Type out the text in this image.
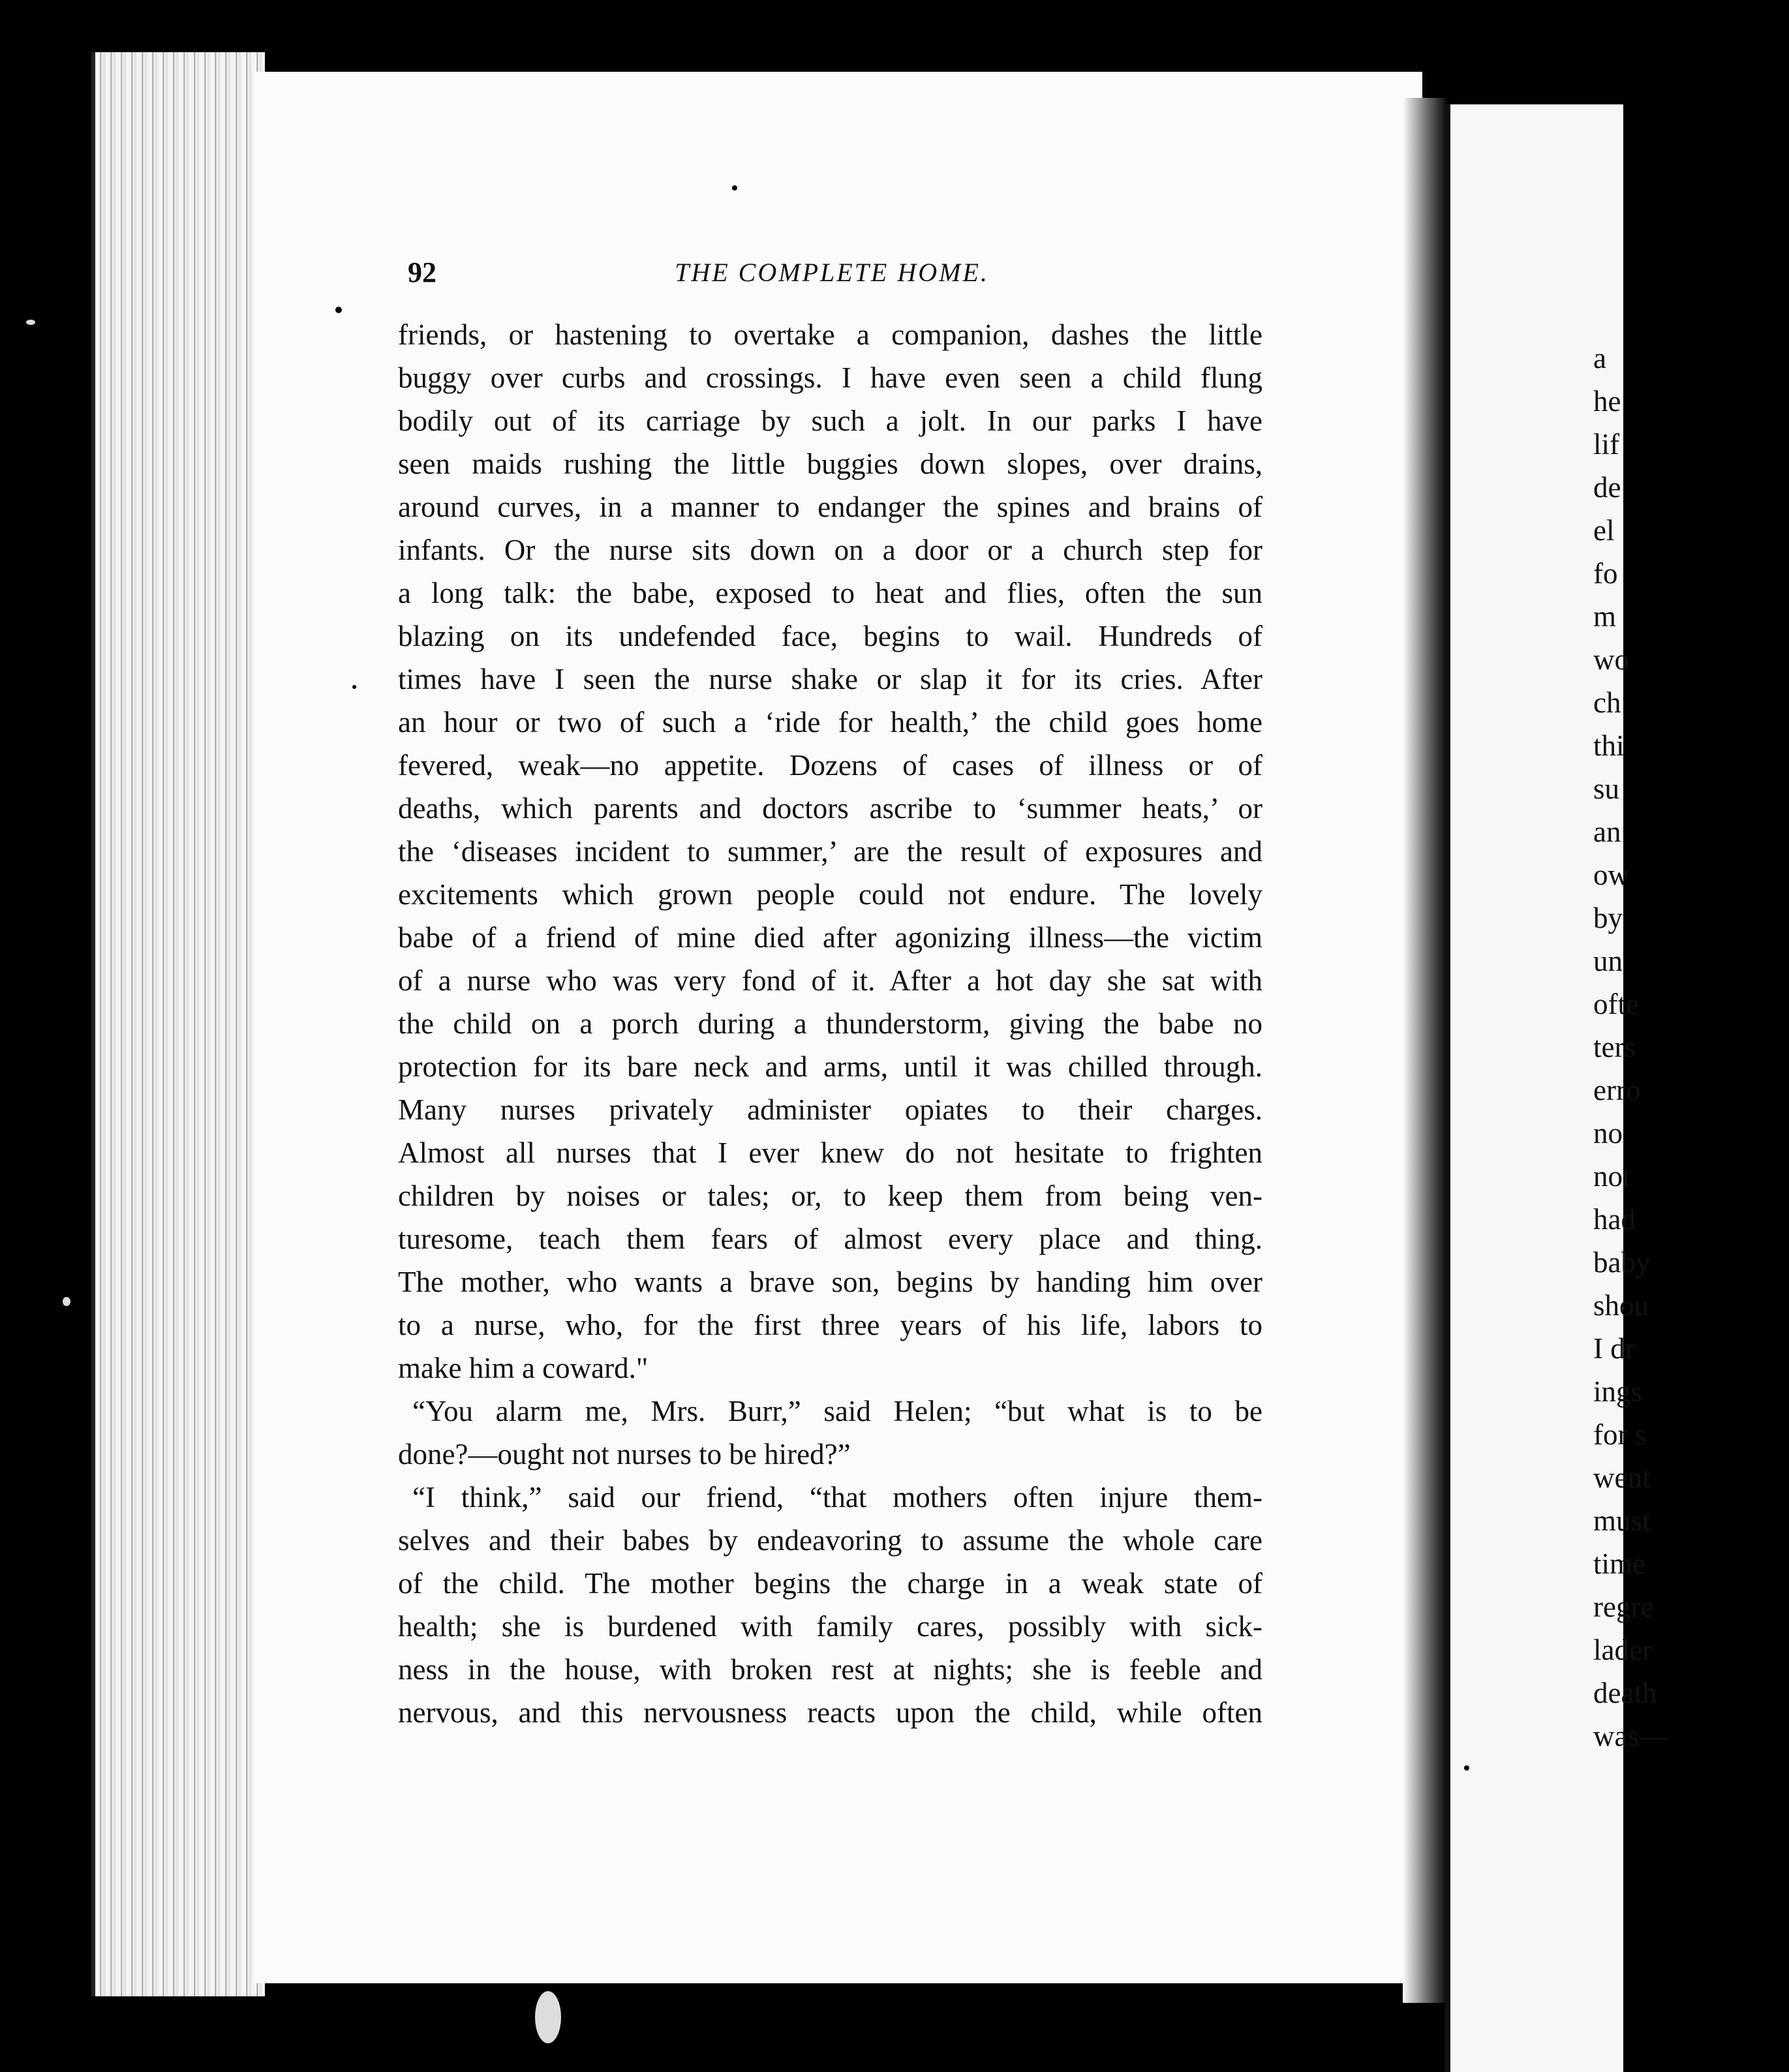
92	THE COMPLETE HOME.
friends, or hastening to overtake a companion, dashes the little
buggy over curbs and crossings. I have even seen a child flung
bodily out of its carriage by such a jolt. In our parks I have
seen maids rushing the little buggies down slopes, over drains,
around curves, in a manner to endanger the spines and brains of
infants. Or the nurse sits down on a door or a church step for
a long talk: the babe, exposed to heat and flies, often the sun
blazing on its undefended face, begins to wail. Hundreds of
times have I seen the nurse shake or slap it for its cries. After
an hour or two of such a ‘ride for health,’ the child goes home
fevered, weak—no appetite. Dozens of cases of illness or of
deaths, which parents and doctors ascribe to ‘summer heats,’ or
the ‘diseases incident to summer,’ are the result of exposures and
excitements which grown people could not endure. The lovely
babe of a friend of mine died after agonizing illness—the victim
of a nurse who was very fond of it. After a hot day she sat with
the child on a porch during a thunderstorm, giving the babe no
protection for its bare neck and arms, until it was chilled through.
Many nurses privately administer opiates to their charges.
Almost all nurses that I ever knew do not hesitate to frighten
children by noises or tales; or, to keep them from being ven-
turesome, teach them fears of almost every place and thing.
The mother, who wants a brave son, begins by handing him over
to a nurse, who, for the first three years of his life, labors to
make him a coward."
“You alarm me, Mrs. Burr,” said Helen; “but what is to be
done?—ought not nurses to be hired?”
“I think,” said our friend, “that mothers often injure them-
selves and their babes by endeavoring to assume the whole care
of the child. The mother begins the charge in a weak state of
health; she is burdened with family cares, possibly with sick-
ness in the house, with broken rest at nights; she is feeble and
nervous, and this nervousness reacts upon the child, while often
a
he
lif
de
el
fo
m
wo
ch
thi
su
an
ow
by
un
ofte
ters
erro
no
not
had
baby
shou
I dr
ings
for s
went
must
time
regre
lader
death
was—
